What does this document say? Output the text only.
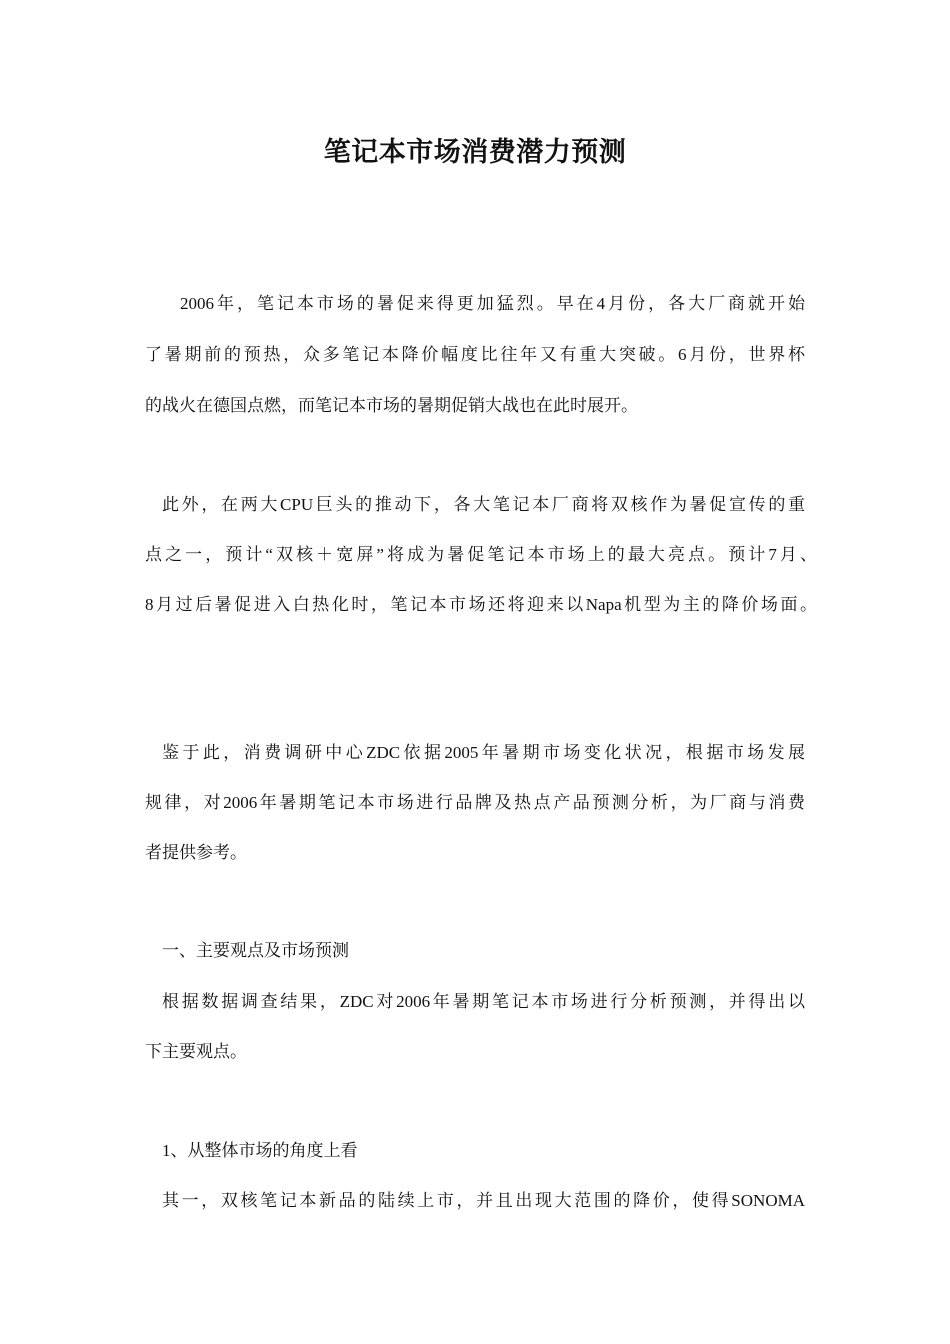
笔记本市场消费潜力预测
2006年，笔记本市场的暑促来得更加猛烈。早在4月份，各大厂商就开始
了暑期前的预热，众多笔记本降价幅度比往年又有重大突破。6月份，世界杯
的战火在德国点燃，而笔记本市场的暑期促销大战也在此时展开。
此外，在两大CPU巨头的推动下，各大笔记本厂商将双核作为暑促宣传的重
点之一，预计“双核＋宽屏”将成为暑促笔记本市场上的最大亮点。预计7月、
8月过后暑促进入白热化时，笔记本市场还将迎来以Napa机型为主的降价场面。
鉴于此，消费调研中心ZDC依据2005年暑期市场变化状况，根据市场发展
规律，对2006年暑期笔记本市场进行品牌及热点产品预测分析，为厂商与消费
者提供参考。
一、主要观点及市场预测
根据数据调查结果，ZDC对2006年暑期笔记本市场进行分析预测，并得出以
下主要观点。
1、从整体市场的角度上看
其一，双核笔记本新品的陆续上市，并且出现大范围的降价，使得SONOMA
